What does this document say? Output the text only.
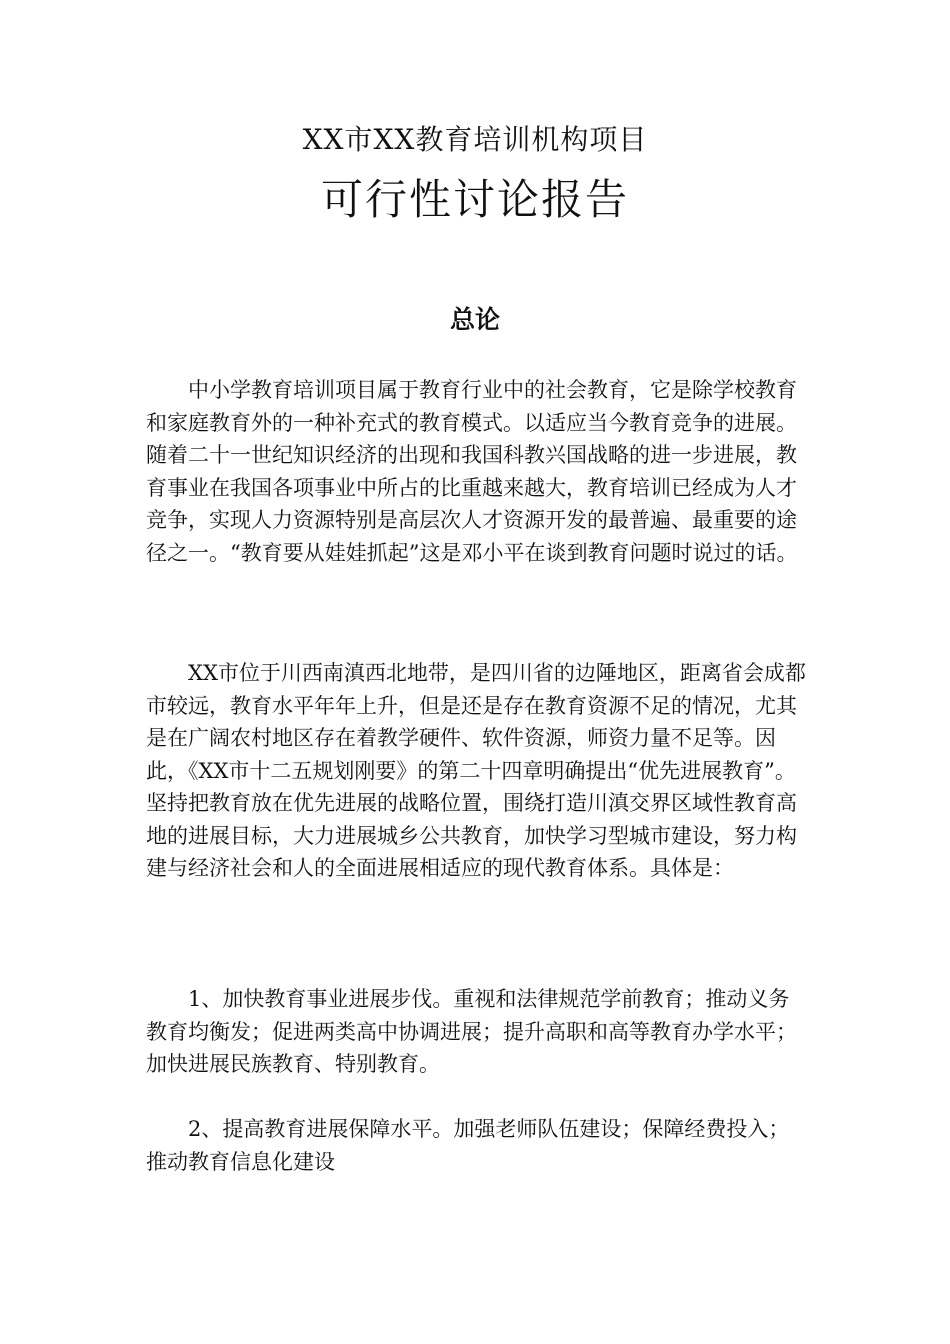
XX市XX教育培训机构项目
可行性讨论报告
总论

中小学教育培训项目属于教育行业中的社会教育，它是除学校教育和家庭教育外的一种补充式的教育模式。以适应当今教育竞争的进展。随着二十一世纪知识经济的出现和我国科教兴国战略的进一步进展，教育事业在我国各项事业中所占的比重越来越大，教育培训已经成为人才竞争，实现人力资源特别是高层次人才资源开发的最普遍、最重要的途径之一。“教育要从娃娃抓起”这是邓小平在谈到教育问题时说过的话。

XX市位于川西南滇西北地带，是四川省的边陲地区，距离省会成都市较远，教育水平年年上升，但是还是存在教育资源不足的情况，尤其是在广阔农村地区存在着教学硬件、软件资源，师资力量不足等。因此，《XX市十二五规划刚要》的第二十四章明确提出“优先进展教育”。 坚持把教育放在优先进展的战略位置，围绕打造川滇交界区域性教育高地的进展目标，大力进展城乡公共教育，加快学习型城市建设，努力构建与经济社会和人的全面进展相适应的现代教育体系。具体是：

1、加快教育事业进展步伐。重视和法律规范学前教育；推动义务教育均衡发；促进两类高中协调进展；提升高职和高等教育办学水平；加快进展民族教育、特别教育。

2、提高教育进展保障水平。加强老师队伍建设；保障经费投入；推动教育信息化建设
